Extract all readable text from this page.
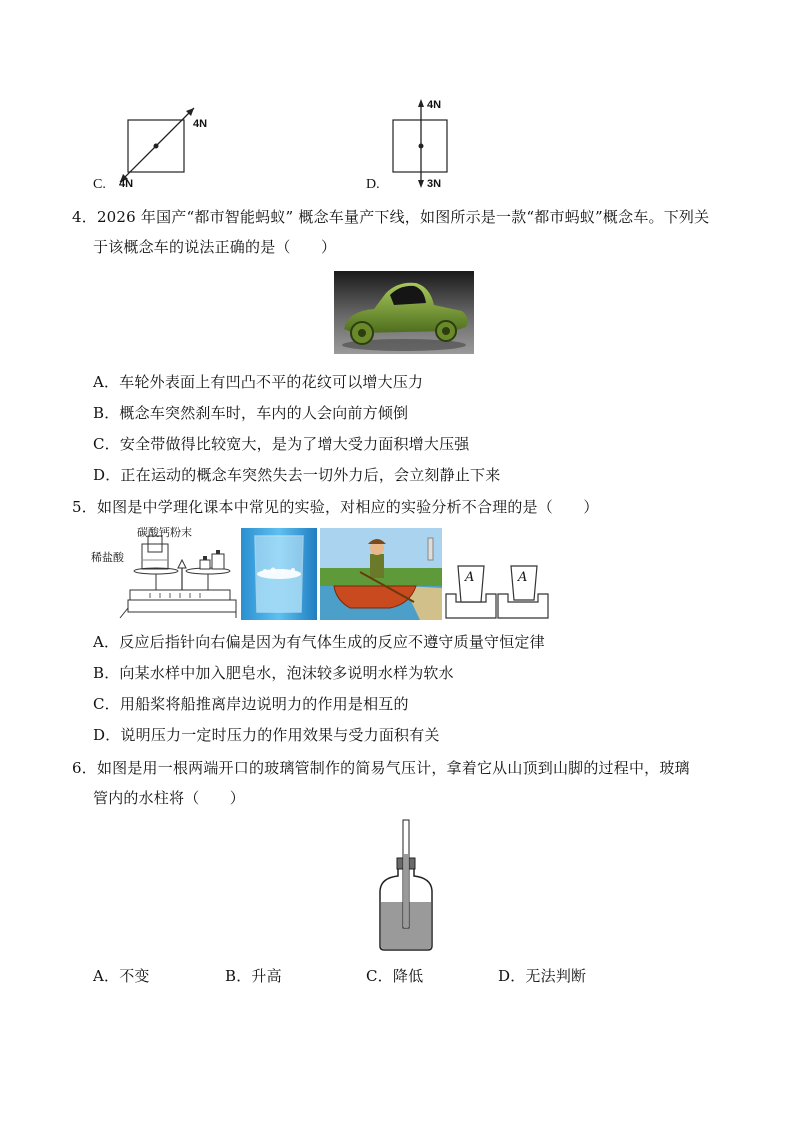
C.
4N
4N	D.
4N
3N
4．2026 年国产“都市智能蚂蚁” 概念车量产下线，如图所示是一款“都市蚂蚁”概念车。下列关
于该概念车的说法正确的是（　　）
A．车轮外表面上有凹凸不平的花纹可以增大压力
B．概念车突然刹车时，车内的人会向前方倾倒
C．安全带做得比较宽大，是为了增大受力面积增大压强
D．正在运动的概念车突然失去一切外力后，会立刻静止下来
5．如图是中学理化课本中常见的实验，对相应的实验分析不合理的是（　　）
碳酸钙粉末
稀盐酸
A	A
A．反应后指针向右偏是因为有气体生成的反应不遵守质量守恒定律
B．向某水样中加入肥皂水，泡沫较多说明水样为软水
C．用船桨将船推离岸边说明力的作用是相互的
D．说明压力一定时压力的作用效果与受力面积有关
6．如图是用一根两端开口的玻璃管制作的简易气压计，拿着它从山顶到山脚的过程中，玻璃
管内的水柱将（　　）
A．不变	B．升高	C．降低	D．无法判断
